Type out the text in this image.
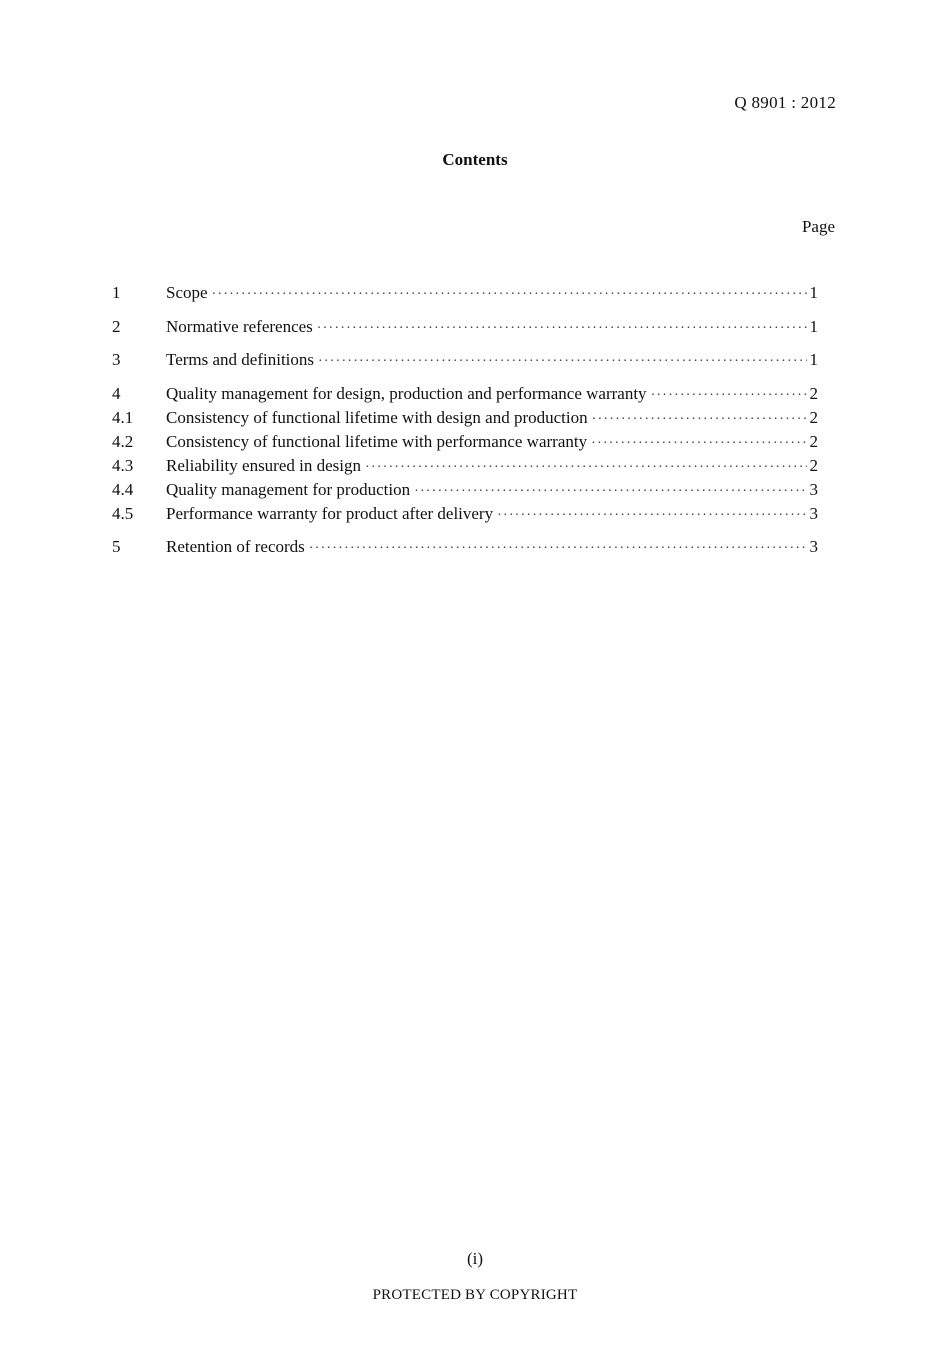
Q 8901 : 2012
Contents
Page
1	Scope ·····	1
2	Normative references ·····	1
3	Terms and definitions ·····	1
4	Quality management for design, production and performance warranty ·····	2
4.1	Consistency of functional lifetime with design and production ·····	2
4.2	Consistency of functional lifetime with performance warranty ·····	2
4.3	Reliability ensured in design ·····	2
4.4	Quality management for production ·····	3
4.5	Performance warranty for product after delivery ·····	3
5	Retention of records ·····	3
(i)
PROTECTED BY COPYRIGHT
